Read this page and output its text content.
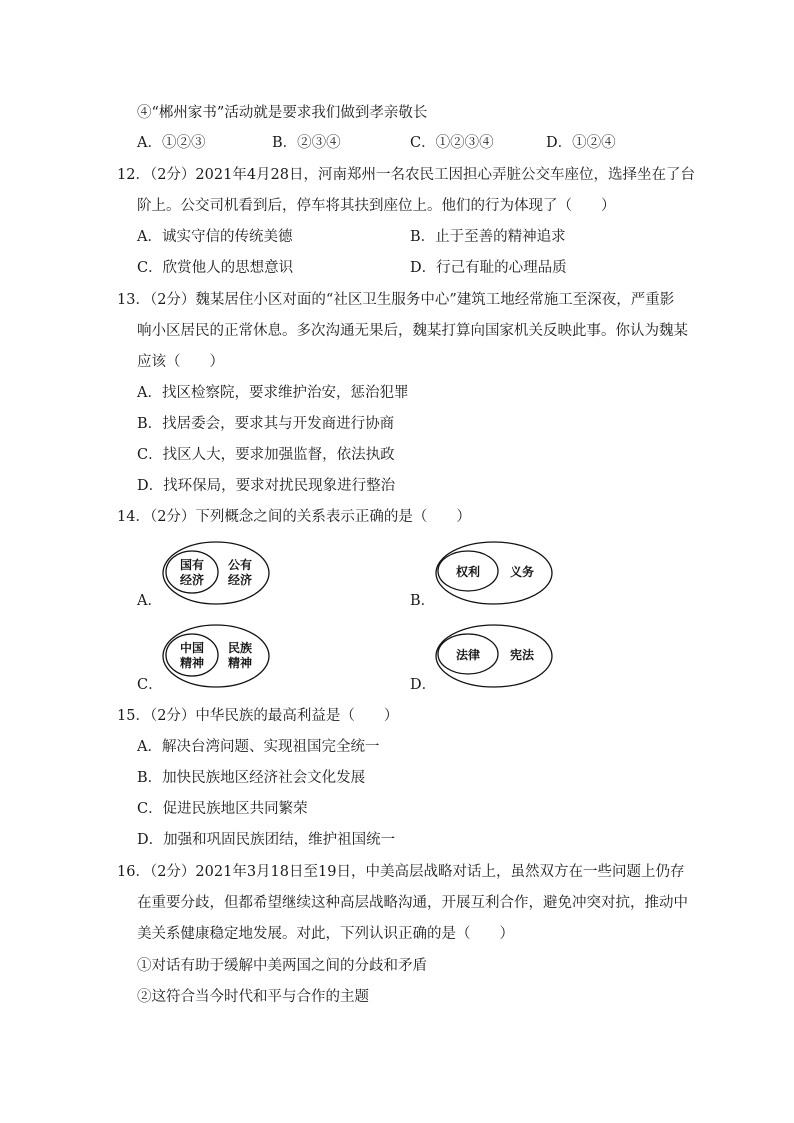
④“郴州家书”活动就是要求我们做到孝亲敬长
A．①②③	B．②③④	C．①②③④	D．①②④
12．（2分）2021年4月28日，河南郑州一名农民工因担心弄脏公交车座位，选择坐在了台
阶上。公交司机看到后，停车将其扶到座位上。他们的行为体现了（　　）
A．诚实守信的传统美德	B．止于至善的精神追求
C．欣赏他人的思想意识	D．行己有耻的心理品质
13．（2分）魏某居住小区对面的“社区卫生服务中心”建筑工地经常施工至深夜，严重影
响小区居民的正常休息。多次沟通无果后，魏某打算向国家机关反映此事。你认为魏某
应该（　　）
A．找区检察院，要求维护治安，惩治犯罪
B．找居委会，要求其与开发商进行协商
C．找区人大，要求加强监督，依法执政
D．找环保局，要求对扰民现象进行整治
14．（2分）下列概念之间的关系表示正确的是（　　）
A．
国有
经济
公有
经济
B．
权利 义务
C．
中国
精神
民族
精神
D．
法律 宪法
15．（2分）中华民族的最高利益是（　　）
A．解决台湾问题、实现祖国完全统一
B．加快民族地区经济社会文化发展
C．促进民族地区共同繁荣
D．加强和巩固民族团结，维护祖国统一
16．（2分）2021年3月18日至19日，中美高层战略对话上，虽然双方在一些问题上仍存
在重要分歧，但都希望继续这种高层战略沟通，开展互利合作，避免冲突对抗，推动中
美关系健康稳定地发展。对此，下列认识正确的是（　　）
①对话有助于缓解中美两国之间的分歧和矛盾
②这符合当今时代和平与合作的主题
